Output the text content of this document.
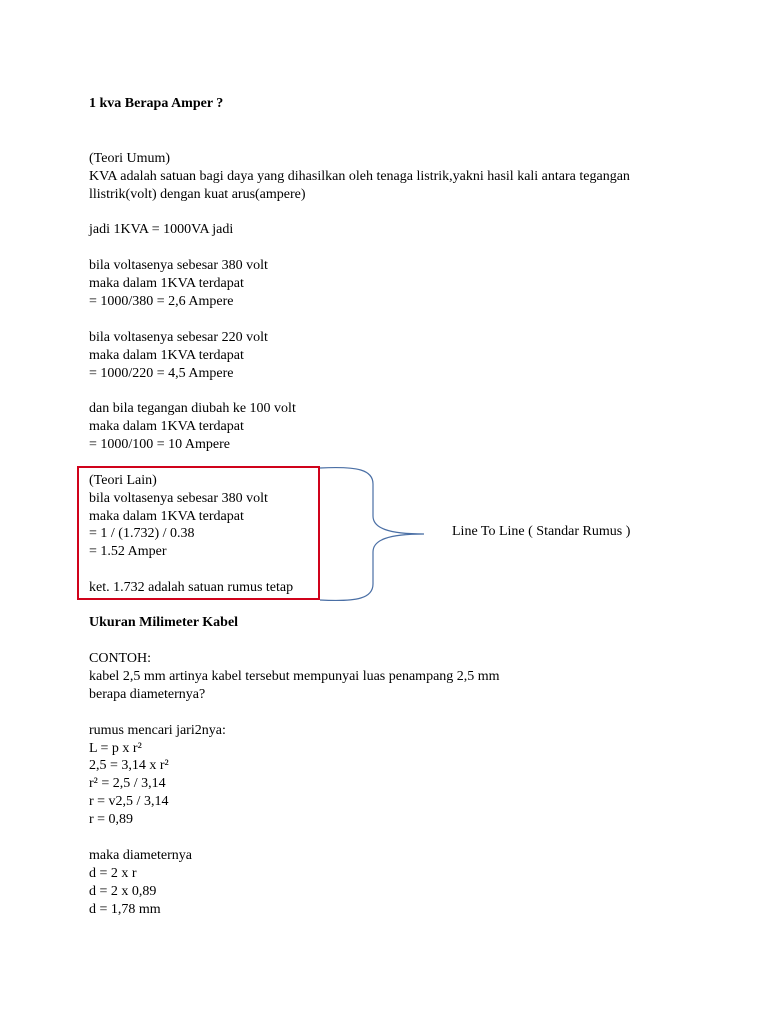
1 kva Berapa Amper ?
(Teori Umum)
KVA adalah satuan bagi daya yang dihasilkan oleh tenaga listrik,yakni hasil kali antara tegangan
llistrik(volt) dengan kuat arus(ampere)
jadi 1KVA = 1000VA jadi
bila voltasenya sebesar 380 volt
maka dalam 1KVA terdapat
= 1000/380 = 2,6 Ampere
bila voltasenya sebesar 220 volt
maka dalam 1KVA terdapat
= 1000/220 = 4,5 Ampere
dan bila tegangan diubah ke 100 volt
maka dalam 1KVA terdapat
= 1000/100 = 10 Ampere
(Teori Lain)
bila voltasenya sebesar 380 volt
maka dalam 1KVA terdapat
= 1 / (1.732) / 0.38
= 1.52 Amper
ket. 1.732 adalah satuan rumus tetap
Line To Line ( Standar Rumus )
Ukuran Milimeter Kabel
CONTOH:
kabel 2,5 mm artinya kabel tersebut mempunyai luas penampang 2,5 mm
berapa diameternya?
rumus mencari jari2nya:
L = p x r²
2,5 = 3,14 x r²
r² = 2,5 / 3,14
r = v2,5 / 3,14
r = 0,89
maka diameternya
d = 2 x r
d = 2 x 0,89
d = 1,78 mm
